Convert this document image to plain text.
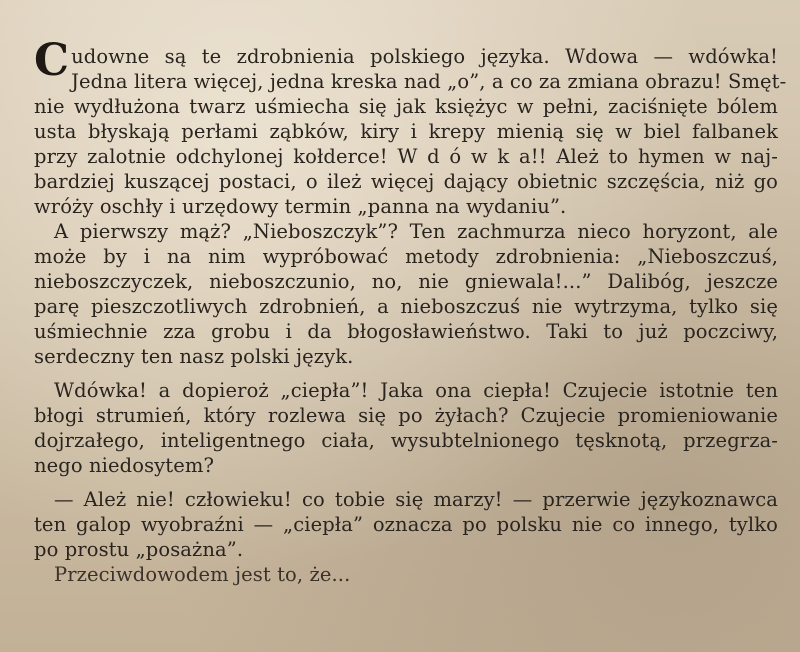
C udowne są te zdrobnienia polskiego języka. Wdowa — wdówka!
Jedna litera więcej, jedna kreska nad „o”, a co za zmiana obrazu! Smęt-
nie wydłużona twarz uśmiecha się jak księżyc w pełni, zaciśnięte bólem
usta błyskają perłami ząbków, kiry i krepy mienią się w biel falbanek
przy zalotnie odchylonej kołderce! W d ó w k a!! Ależ to hymen w naj-
bardziej kuszącej postaci, o ileż więcej dający obietnic szczęścia, niż go
wróży oschły i urzędowy termin „panna na wydaniu”.
A pierwszy mąż? „Nieboszczyk”? Ten zachmurza nieco horyzont, ale
może by i na nim wypróbować metody zdrobnienia: „Nieboszczuś,
nieboszczyczek, nieboszczunio, no, nie gniewala!...” Dalibóg, jeszcze
parę pieszczotliwych zdrobnień, a nieboszczuś nie wytrzyma, tylko się
uśmiechnie zza grobu i da błogosławieństwo. Taki to już poczciwy,
serdeczny ten nasz polski język.
Wdówka! a dopieroż „ciepła”! Jaka ona ciepła! Czujecie istotnie ten
błogi strumień, który rozlewa się po żyłach? Czujecie promieniowanie
dojrzałego, inteligentnego ciała, wysubtelnionego tęsknotą, przegrza-
nego niedosytem?
— Ależ nie! człowieku! co tobie się marzy! — przerwie językoznawca
ten galop wyobraźni — „ciepła” oznacza po polsku nie co innego, tylko
po prostu „posażna”.
Przeciwdowodem jest to, że...
